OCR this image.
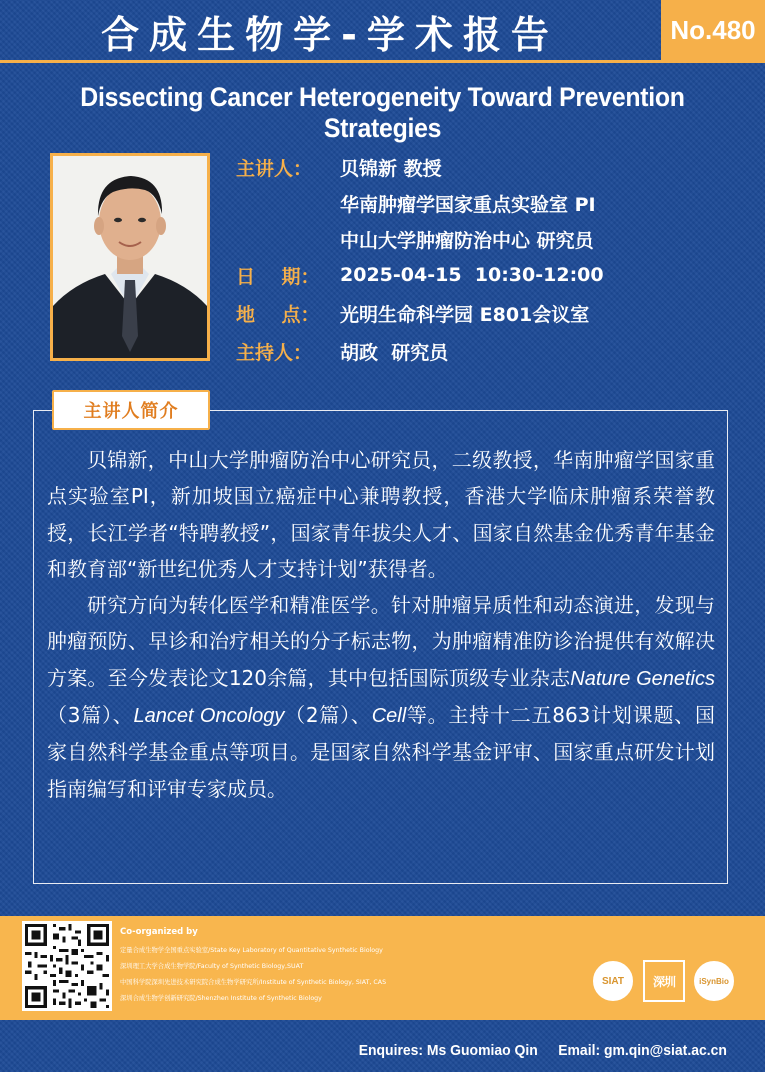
合成生物学-学术报告	No.480
Dissecting Cancer Heterogeneity Toward Prevention Strategies
主讲人：	贝锦新 教授
华南肿瘤学国家重点实验室 PI
中山大学肿瘤防治中心 研究员
日    期：	2025-04-15  10:30-12:00
地    点：	光明生命科学园 E801会议室
主持人：	胡政  研究员
主讲人简介

贝锦新，中山大学肿瘤防治中心研究员，二级教授，华南肿瘤学国家重点实验室PI，新加坡国立癌症中心兼聘教授，香港大学临床肿瘤系荣誉教授，长江学者“特聘教授”，国家青年拔尖人才、国家自然基金优秀青年基金和教育部“新世纪优秀人才支持计划”获得者。

研究方向为转化医学和精准医学。针对肿瘤异质性和动态演进，发现与肿瘤预防、早诊和治疗相关的分子标志物，为肿瘤精准防诊治提供有效解决方案。至今发表论文120余篇，其中包括国际顶级专业杂志Nature Genetics（3篇）、Lancet Oncology（2篇）、Cell等。主持十二五863计划课题、国家自然科学基金重点等项目。是国家自然科学基金评审、国家重点研发计划指南编写和评审专家成员。

Co-organized by
定量合成生物学全国重点实验室/State Key Laboratory of Quantitative Synthetic Biology
深圳理工大学合成生物学院/Faculty of Synthetic Biology,SUAT
中国科学院深圳先进技术研究院合成生物学研究所/Institute of Synthetic Biology, SIAT, CAS
深圳合成生物学创新研究院/Shenzhen Institute of Synthetic Biology
SIAT 深圳	iSynBio
Enquires: Ms Guomiao Qin Email: gm.qin@siat.ac.cn
